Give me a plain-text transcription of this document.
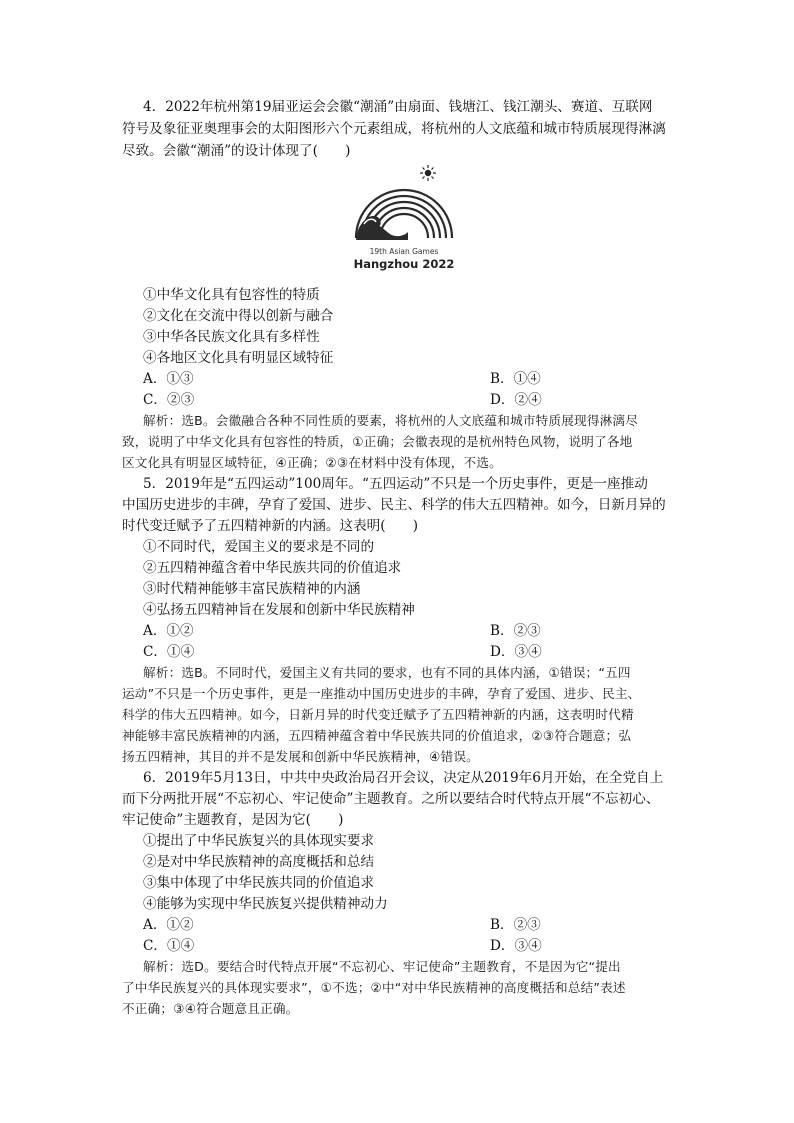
4．2022年杭州第19届亚运会会徽“潮涌”由扇面、钱塘江、钱江潮头、赛道、互联网
符号及象征亚奥理事会的太阳图形六个元素组成，将杭州的人文底蕴和城市特质展现得淋漓
尽致。会徽“潮涌”的设计体现了(　　)
19th Asian Games
Hangzhou 2022
①中华文化具有包容性的特质
②文化在交流中得以创新与融合
③中华各民族文化具有多样性
④各地区文化具有明显区域特征
A．①③	B．①④
C．②③	D．②④
解析：选B。会徽融合各种不同性质的要素，将杭州的人文底蕴和城市特质展现得淋漓尽
致，说明了中华文化具有包容性的特质，①正确；会徽表现的是杭州特色风物，说明了各地
区文化具有明显区域特征，④正确；②③在材料中没有体现，不选。
5．2019年是“五四运动”100周年。“五四运动”不只是一个历史事件，更是一座推动
中国历史进步的丰碑，孕育了爱国、进步、民主、科学的伟大五四精神。如今，日新月异的
时代变迁赋予了五四精神新的内涵。这表明(　　)
①不同时代，爱国主义的要求是不同的
②五四精神蕴含着中华民族共同的价值追求
③时代精神能够丰富民族精神的内涵
④弘扬五四精神旨在发展和创新中华民族精神
A．①②	B．②③
C．①④	D．③④
解析：选B。不同时代，爱国主义有共同的要求，也有不同的具体内涵，①错误；“五四
运动”不只是一个历史事件，更是一座推动中国历史进步的丰碑，孕育了爱国、进步、民主、
科学的伟大五四精神。如今，日新月异的时代变迁赋予了五四精神新的内涵，这表明时代精
神能够丰富民族精神的内涵，五四精神蕴含着中华民族共同的价值追求，②③符合题意；弘
扬五四精神，其目的并不是发展和创新中华民族精神，④错误。
6．2019年5月13日，中共中央政治局召开会议，决定从2019年6月开始，在全党自上
而下分两批开展“不忘初心、牢记使命”主题教育。之所以要结合时代特点开展“不忘初心、
牢记使命”主题教育，是因为它(　　)
①提出了中华民族复兴的具体现实要求
②是对中华民族精神的高度概括和总结
③集中体现了中华民族共同的价值追求
④能够为实现中华民族复兴提供精神动力
A．①②	B．②③
C．①④	D．③④
解析：选D。要结合时代特点开展“不忘初心、牢记使命”主题教育，不是因为它“提出
了中华民族复兴的具体现实要求”，①不选；②中“对中华民族精神的高度概括和总结”表述
不正确；③④符合题意且正确。
